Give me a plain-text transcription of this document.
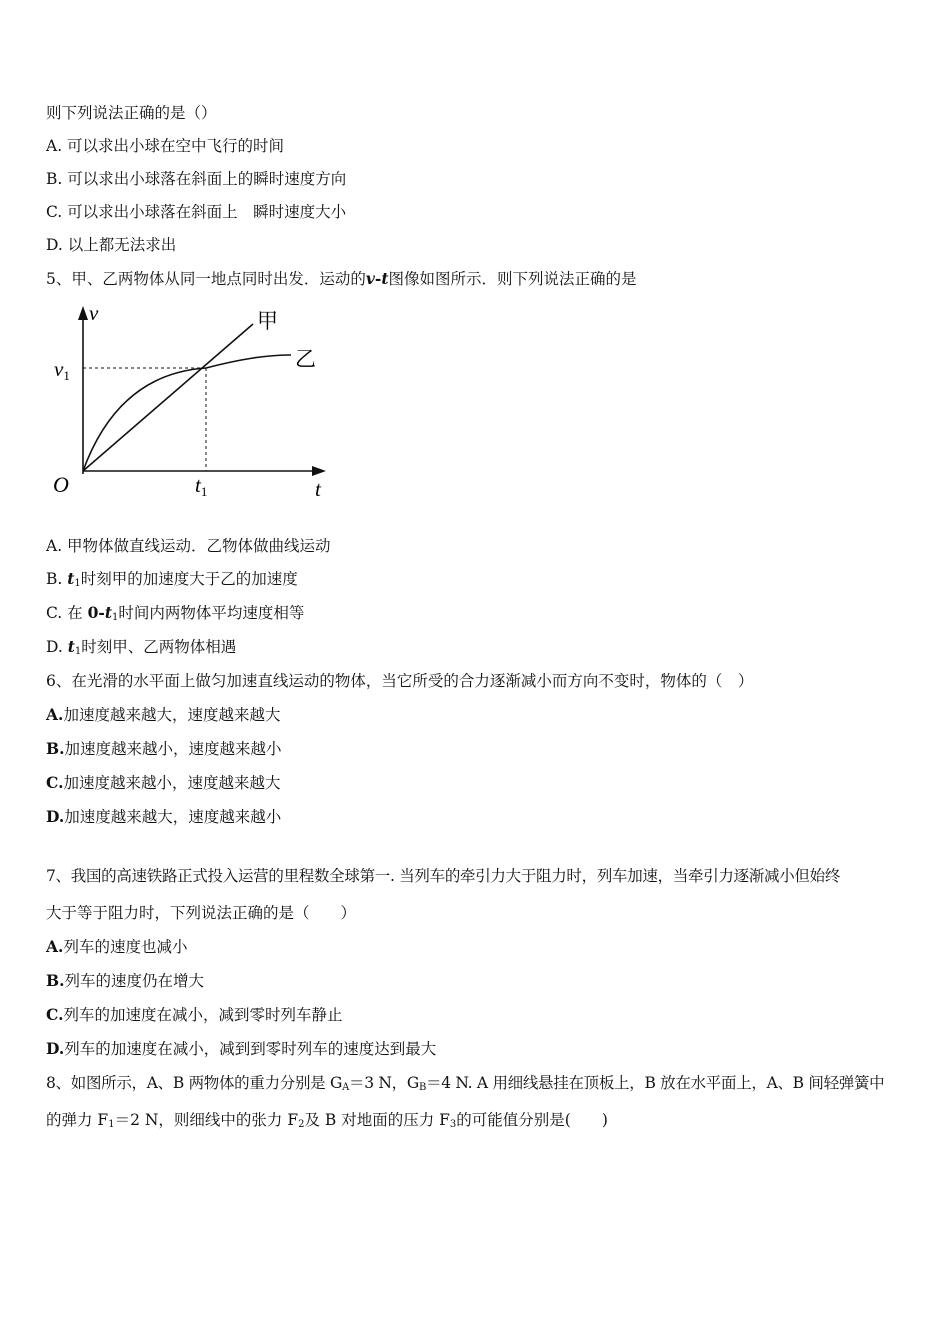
则下列说法正确的是（）
A. 可以求出小球在空中飞行的时间
B. 可以求出小球落在斜面上的瞬时速度方向
C. 可以求出小球落在斜面上　瞬时速度大小
D. 以上都无法求出
5、甲、乙两物体从同一地点同时出发．运动的v-t图像如图所示．则下列说法正确的是
v
t
O
v1
t1
甲
乙
A. 甲物体做直线运动．乙物体做曲线运动
B. $t_1$时刻甲的加速度大于乙的加速度
C. 在 $0-t_1$时间内两物体平均速度相等
D. $t_1$时刻甲、乙两物体相遇
6、在光滑的水平面上做匀加速直线运动的物体，当它所受的合力逐渐减小而方向不变时，物体的（　）
A.加速度越来越大，速度越来越大
B.加速度越来越小，速度越来越小
C.加速度越来越小，速度越来越大
D.加速度越来越大，速度越来越小
7、我国的高速铁路正式投入运营的里程数全球第一. 当列车的牵引力大于阻力时，列车加速，当牵引力逐渐减小但始终
大于等于阻力时，下列说法正确的是（　　）
A.列车的速度也减小
B.列车的速度仍在增大
C.列车的加速度在减小，减到零时列车静止
D.列车的加速度在减小，减到到零时列车的速度达到最大
8、如图所示，A、B 两物体的重力分别是 $G_A=3$ N，$G_B=4$ N. A 用细线悬挂在顶板上，B 放在水平面上，A、B 间轻弹簧中
的弹力 $F_1=2$ N，则细线中的张力 $F_2$及 B 对地面的压力 $F_3$的可能值分别是(　　)
